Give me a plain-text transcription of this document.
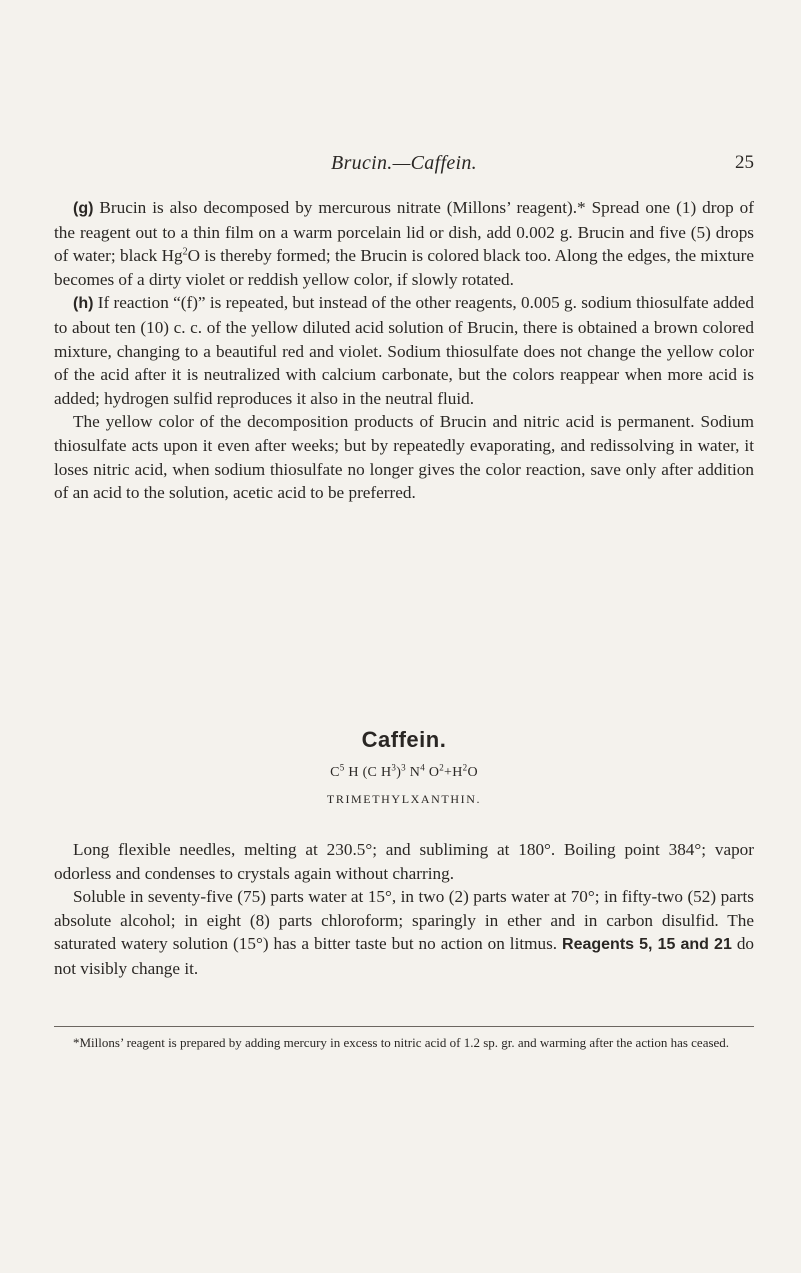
Brucin.—Caffein.	25

(g) Brucin is also decomposed by mercurous nitrate (Millons’ reagent).* Spread one (1) drop of the reagent out to a thin film on a warm porcelain lid or dish, add 0.002 g. Brucin and five (5) drops of water; black Hg$^2$O is thereby formed; the Brucin is colored black too. Along the edges, the mixture becomes of a dirty violet or reddish yellow color, if slowly rotated.

(h) If reaction “(f)” is repeated, but instead of the other reagents, 0.005 g. sodium thiosulfate added to about ten (10) c. c. of the yellow diluted acid solution of Brucin, there is obtained a brown colored mixture, changing to a beautiful red and violet. Sodium thiosulfate does not change the yellow color of the acid after it is neutralized with calcium carbonate, but the colors reappear when more acid is added; hydrogen sulfid reproduces it also in the neutral fluid.

The yellow color of the decomposition products of Brucin and nitric acid is permanent. Sodium thiosulfate acts upon it even after weeks; but by repeatedly evaporating, and redissolving in water, it loses nitric acid, when sodium thiosulfate no longer gives the color reaction, save only after addition of an acid to the solution, acetic acid to be preferred.

Caffein.
$C^5$ H (C $H^3)^3$ $N^4$ $O^2+H^2O$
TRIMETHYLXANTHIN.

Long flexible needles, melting at 230.5°; and subliming at 180°. Boiling point 384°; vapor odorless and condenses to crystals again without charring.

Soluble in seventy-five (75) parts water at 15°, in two (2) parts water at 70°; in fifty-two (52) parts absolute alcohol; in eight (8) parts chloroform; sparingly in ether and in carbon disulfid. The saturated watery solution (15°) has a bitter taste but no action on litmus. Reagents 5, 15 and 21 do not visibly change it.

*Millons’ reagent is prepared by adding mercury in excess to nitric acid of 1.2 sp. gr. and warming after the action has ceased.
